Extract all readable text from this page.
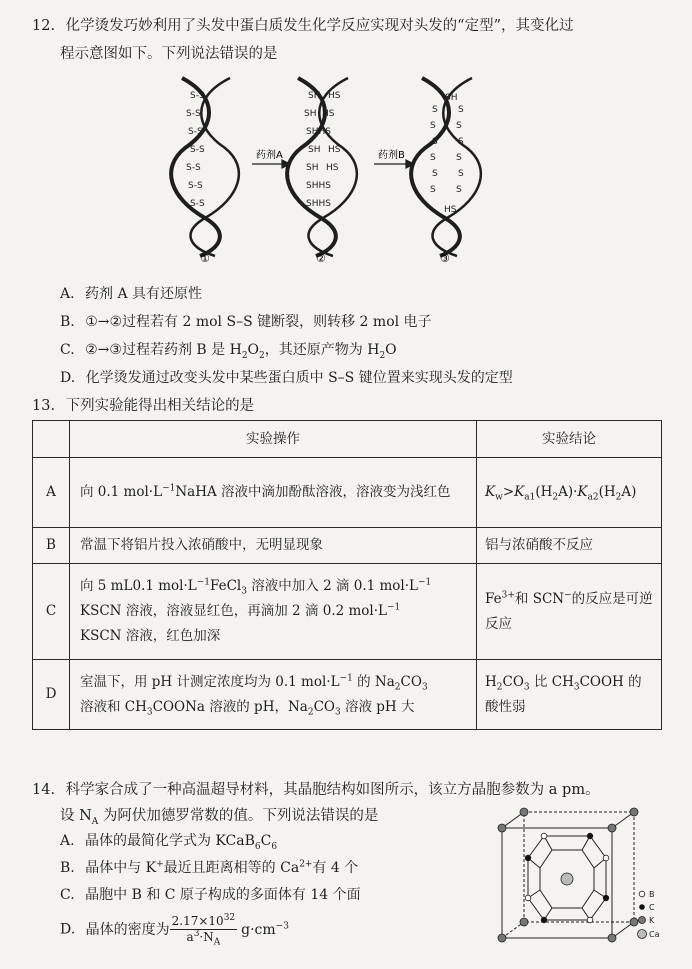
12. 化学烫发巧妙利用了头发中蛋白质发生化学反应实现对头发的“定型”，其变化过
程示意图如下。下列说法错误的是
S-S
S-S
S-S
S-S
S-S
S-S
S-S
SH HS
SH HS
SHHS
SH HS
SH HS
SHHS
SHHS
SH
S S
S S
S S
S S
S S
S S
HS
药剂A	药剂B
①	②	③
A. 药剂 A 具有还原性
B. ①→②过程若有 2 mol S–S 键断裂，则转移 2 mol 电子
C. ②→③过程若药剂 B 是 $H_2O_2$，其还原产物为 $H_2O$
D. 化学烫发通过改变头发中某些蛋白质中 S–S 键位置来实现头发的定型
13. 下列实验能得出相关结论的是
	实验操作	实验结论
A	向 0.1 $mol\cdot L^{-1}NaHA$ 溶液中滴加酚酞溶液，溶液变为浅红色	$K_w>K_{a1}(H_2A)\cdot K_{a2}(H_2A)$
B	常温下将铝片投入浓硝酸中，无明显现象	铝与浓硝酸不反应
C	向 5 mL0.1 $mol\cdot L^{-1}FeCl_3$ 溶液中加入 2 滴 0.1 $mol\cdot L^{-1}$
KSCN 溶液，溶液显红色，再滴加 2 滴 0.2 $mol\cdot L^{-1}$
KSCN 溶液，红色加深	$Fe^{3+}$和 SCN−的反应是可逆反应
D	室温下，用 pH 计测定浓度均为 0.1 $mol\cdot L^{-1}$ 的 $Na_2CO_3$
溶液和 $CH_3COONa$ 溶液的 pH，$Na_2CO_3$ 溶液 pH 大	$H_2CO_3$ 比 $CH_3COOH$ 的酸性弱
14. 科学家合成了一种高温超导材料，其晶胞结构如图所示，该立方晶胞参数为 a pm。
设 $N_A$ 为阿伏加德罗常数的值。下列说法错误的是
A. 晶体的最简化学式为 $KCaB_6C_6$
B. 晶体中与 K+最近且距离相等的 $Ca^{2+}$有 4 个
C. 晶胞中 B 和 C 原子构成的多面体有 14 个面
D. 晶体的密度为 $\frac{2.17\times 10^{32}}{a^3\cdot N_A} g\cdot cm^{-3}$
B
C
K
Ca
